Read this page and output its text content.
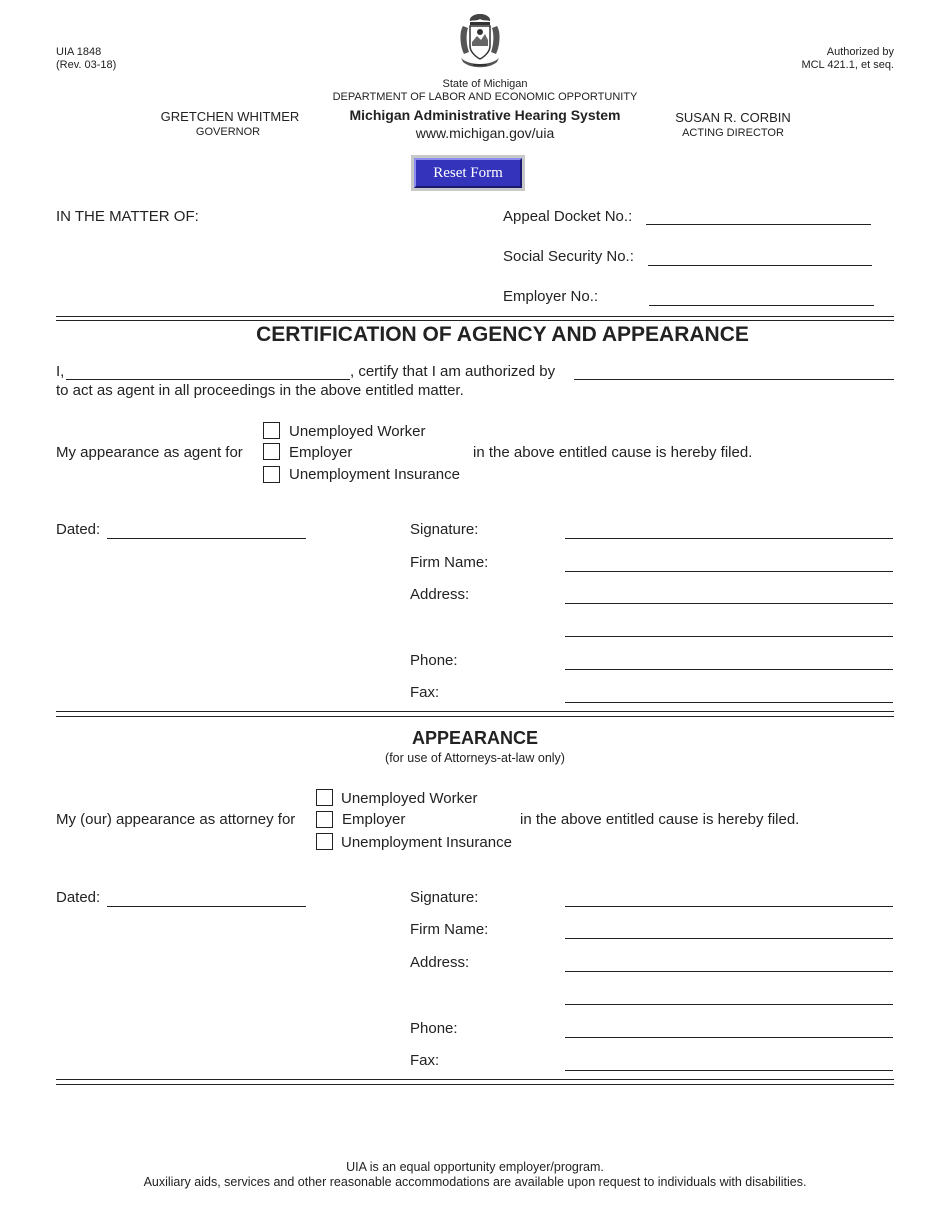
UIA 1848
(Rev. 03-18)
Authorized by
MCL 421.1, et seq.
State of Michigan
DEPARTMENT OF LABOR AND ECONOMIC OPPORTUNITY
Michigan Administrative Hearing System
www.michigan.gov/uia
GRETCHEN WHITMER
GOVERNOR
SUSAN R. CORBIN
ACTING DIRECTOR
Reset Form
IN THE MATTER OF:	Appeal Docket No.:
Social Security No.:
Employer No.:
CERTIFICATION OF AGENCY AND APPEARANCE
I,	, certify that I am authorized by
to act as agent in all proceedings in the above entitled matter.
My appearance as agent for
Unemployed Worker
Employer
Unemployment Insurance
in the above entitled cause is hereby filed.
Dated:	Signature:
Firm Name:
Address:
Phone:
Fax:
APPEARANCE
(for use of Attorneys-at-law only)
My (our) appearance as attorney for
Unemployed Worker
Employer
Unemployment Insurance
in the above entitled cause is hereby filed.
Dated:	Signature:
Firm Name:
Address:
Phone:
Fax:
UIA is an equal opportunity employer/program.
Auxiliary aids, services and other reasonable accommodations are available upon request to individuals with disabilities.
